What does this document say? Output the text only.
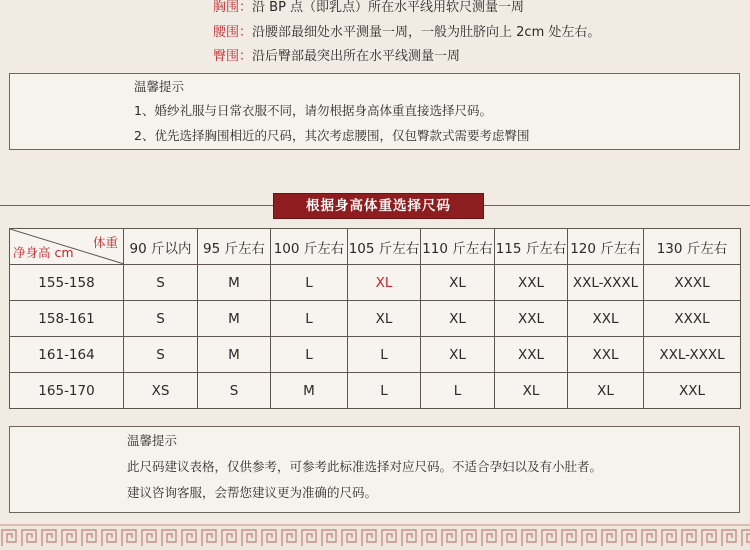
胸围：沿 BP 点（即乳点）所在水平线用软尺测量一周
腰围：沿腰部最细处水平测量一周，一般为肚脐向上 2cm 处左右。
臀围：沿后臀部最突出所在水平线测量一周
温馨提示
1、婚纱礼服与日常衣服不同，请勿根据身高体重直接选择尺码。
2、优先选择胸围相近的尺码，其次考虑腰围，仅包臀款式需要考虑臀围
根据身高体重选择尺码
体重
净身高 cm	90 斤以内	95 斤左右	100 斤左右	105 斤左右	110 斤左右	115 斤左右	120 斤左右	130 斤左右
155-158	S	M	L	XL	XL	XXL	XXL-XXXL	XXXL
158-161	S	M	L	XL	XL	XXL	XXL	XXXL
161-164	S	M	L	L	XL	XXL	XXL	XXL-XXXL
165-170	XS	S	M	L	L	XL	XL	XXL
温馨提示
此尺码建议表格，仅供参考，可参考此标准选择对应尺码。不适合孕妇以及有小肚者。
建议咨询客服，会帮您建议更为准确的尺码。
